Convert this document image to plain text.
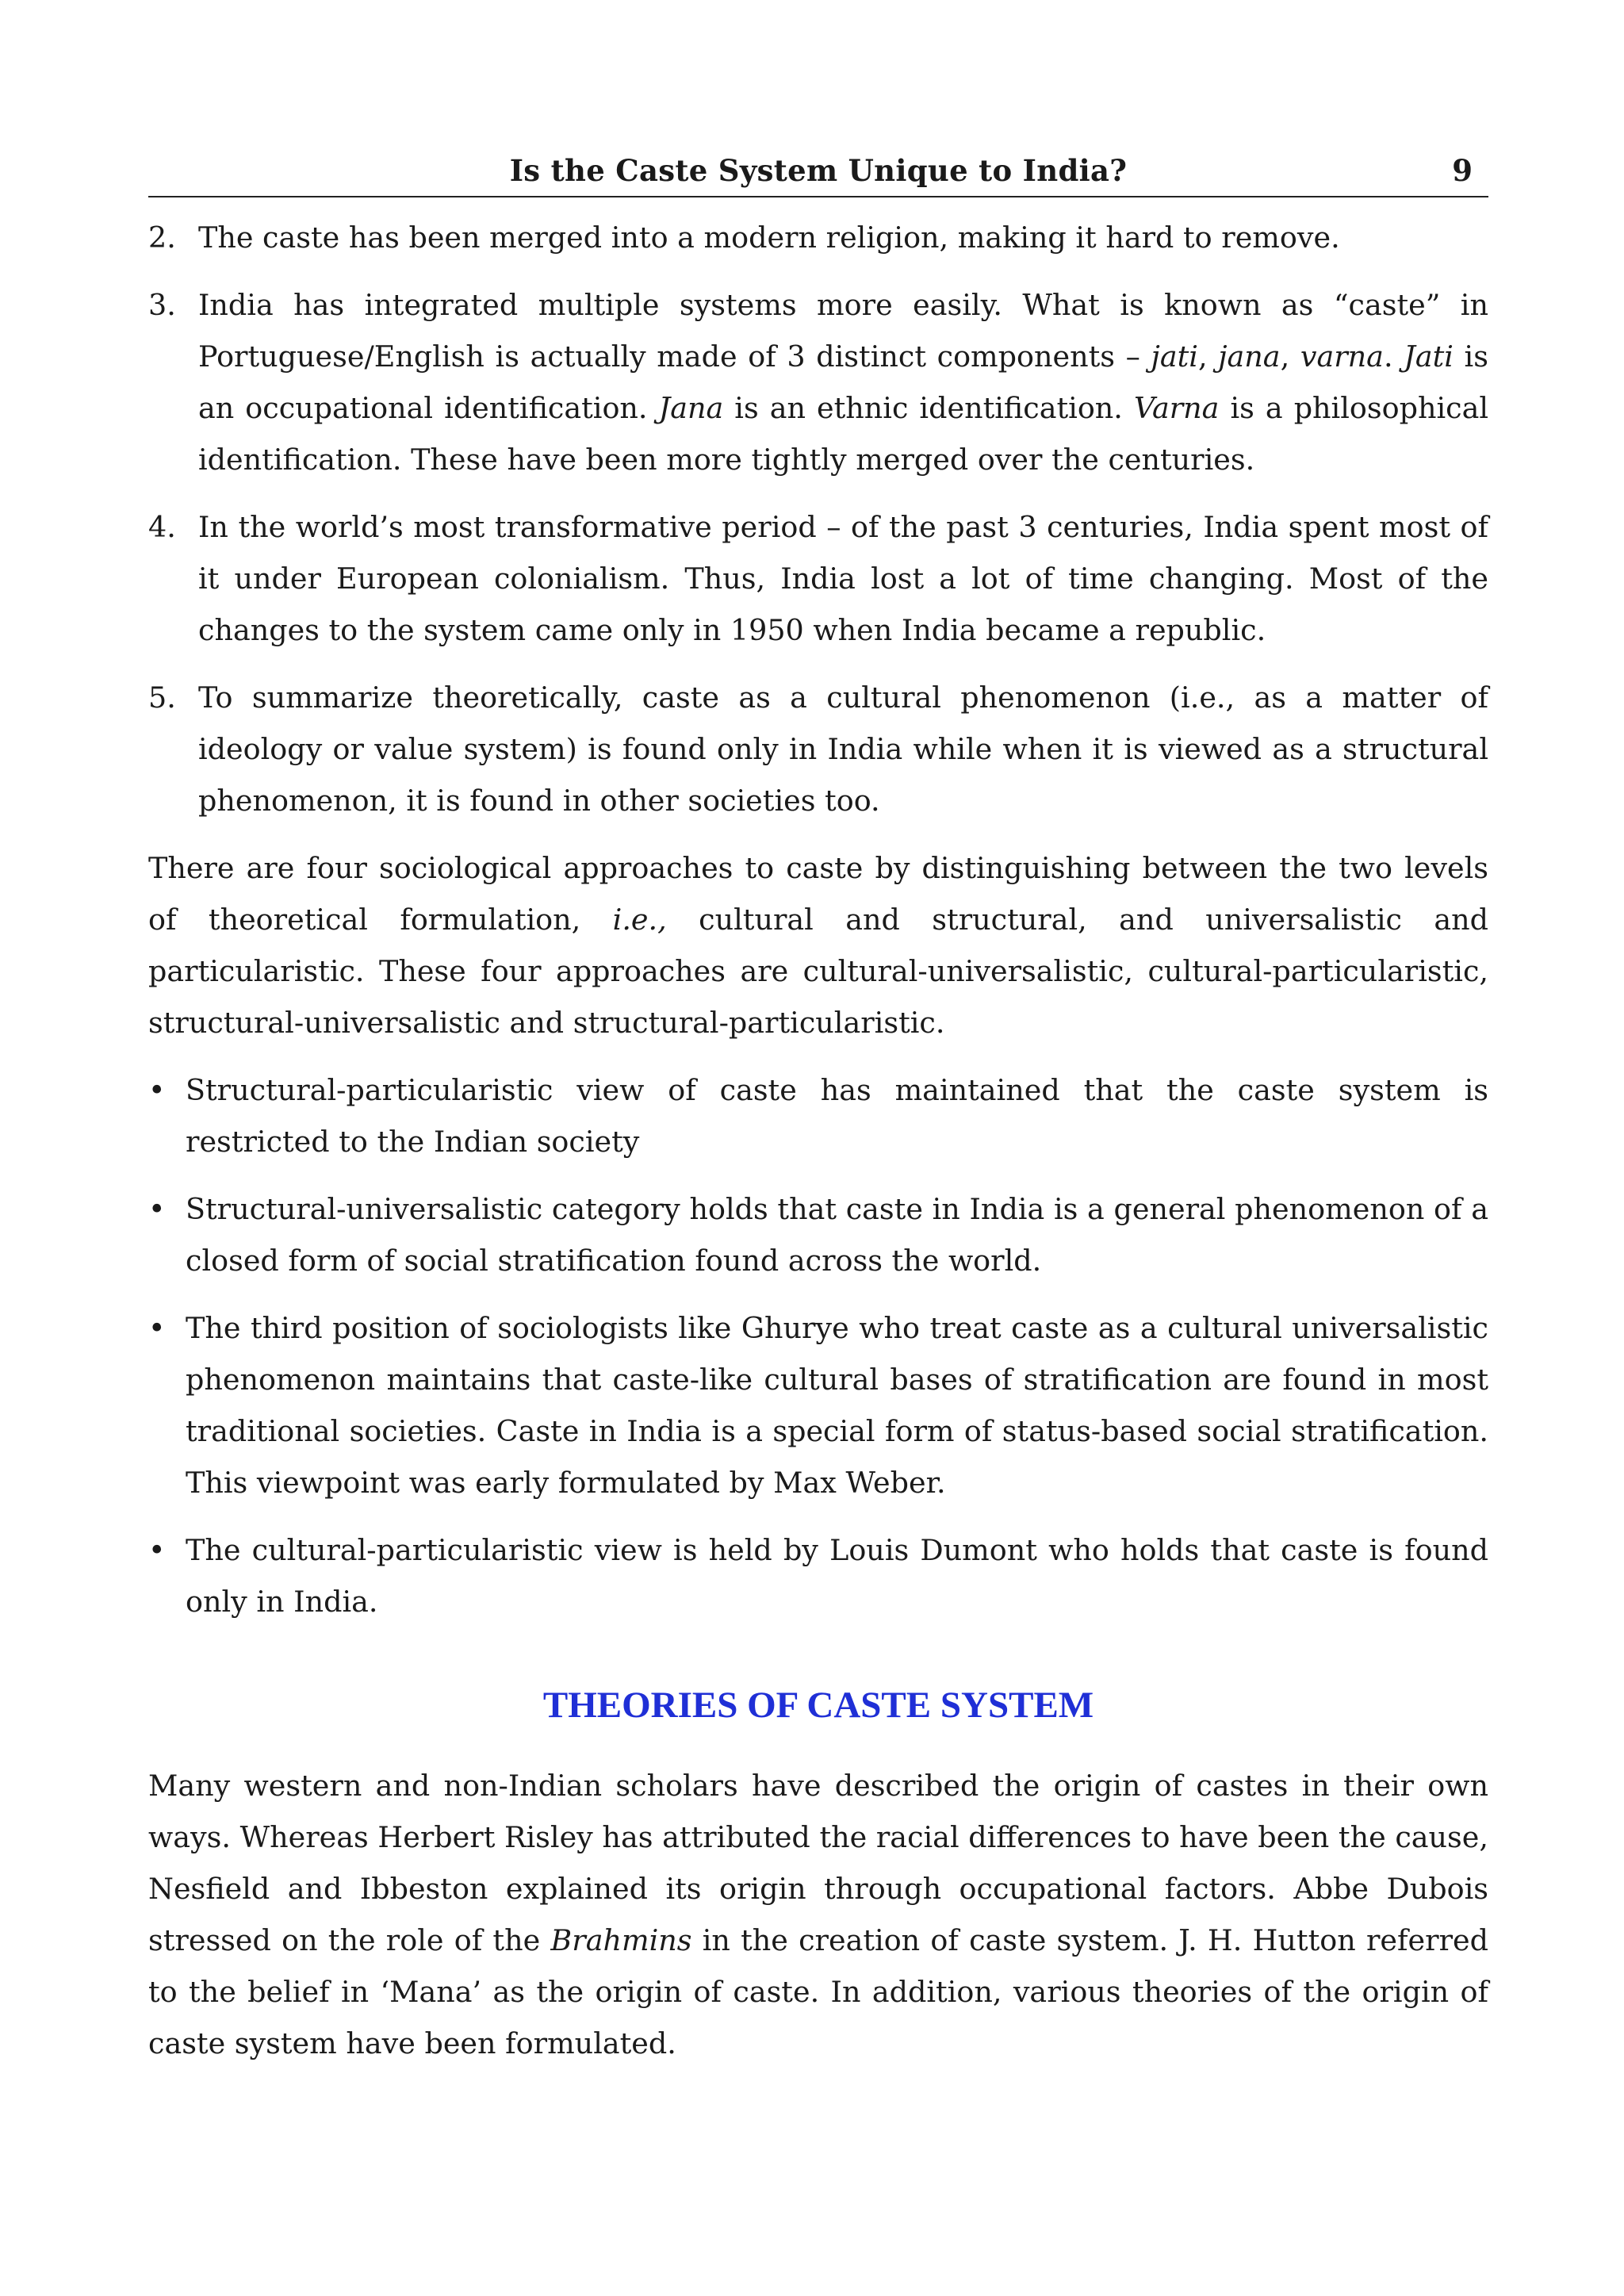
Is the Caste System Unique to India?	9
2. The caste has been merged into a modern religion, making it hard to remove.
3. India has integrated multiple systems more easily. What is known as “caste” in Portuguese/English is actually made of 3 distinct components – jati, jana, varna. Jati is an occupational identification. Jana is an ethnic identification. Varna is a philosophical identification. These have been more tightly merged over the centuries.
4. In the world’s most transformative period – of the past 3 centuries, India spent most of it under European colonialism. Thus, India lost a lot of time changing. Most of the changes to the system came only in 1950 when India became a republic.
5. To summarize theoretically, caste as a cultural phenomenon (i.e., as a matter of ideology or value system) is found only in India while when it is viewed as a structural phenomenon, it is found in other societies too.

There are four sociological approaches to caste by distinguishing between the two levels of theoretical formulation, i.e., cultural and structural, and universalistic and particularistic. These four approaches are cultural-universalistic, cultural-particularistic, structural-universalistic and structural-particularistic.

• Structural-particularistic view of caste has maintained that the caste system is restricted to the Indian society
• Structural-universalistic category holds that caste in India is a general phenomenon of a closed form of social stratification found across the world.
• The third position of sociologists like Ghurye who treat caste as a cultural universalistic phenomenon maintains that caste-like cultural bases of stratification are found in most traditional societies. Caste in India is a special form of status-based social stratification. This viewpoint was early formulated by Max Weber.
• The cultural-particularistic view is held by Louis Dumont who holds that caste is found only in India.
THEORIES OF CASTE SYSTEM

Many western and non-Indian scholars have described the origin of castes in their own ways. Whereas Herbert Risley has attributed the racial differences to have been the cause, Nesfield and Ibbeston explained its origin through occupational factors. Abbe Dubois stressed on the role of the Brahmins in the creation of caste system. J. H. Hutton referred to the belief in ‘Mana’ as the origin of caste. In addition, various theories of the origin of caste system have been formulated.
